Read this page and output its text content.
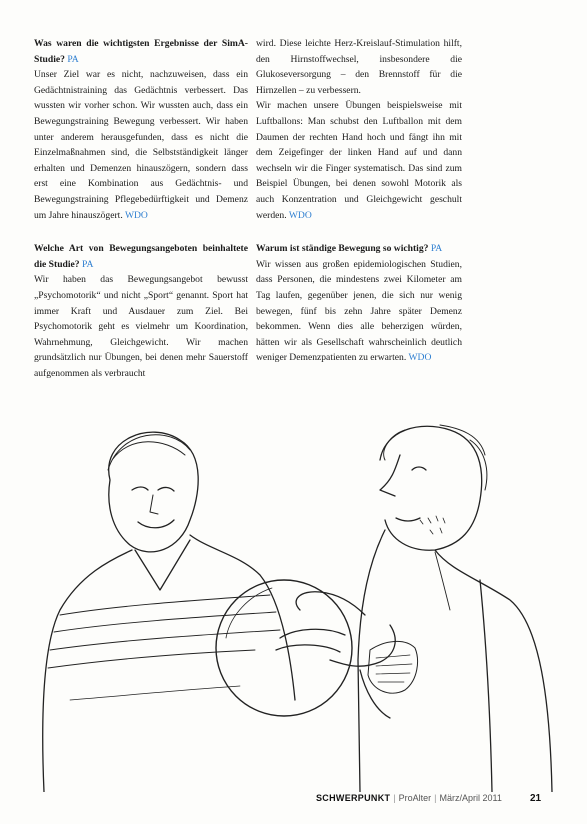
Was waren die wichtigsten Ergebnisse der SimA-Studie? PA
Unser Ziel war es nicht, nachzuweisen, dass ein Gedächtnistraining das Gedächtnis verbessert. Das wussten wir vorher schon. Wir wussten auch, dass ein Bewegungstraining Bewegung verbessert. Wir haben unter anderem herausgefunden, dass es nicht die Einzelmaßnahmen sind, die Selbstständigkeit länger erhalten und Demenzen hinauszögern, sondern dass erst eine Kombination aus Gedächtnis- und Bewegungstraining Pflegebedürftigkeit und Demenz um Jahre hinauszögert. WDO
Welche Art von Bewegungsangeboten beinhaltete die Studie? PA
Wir haben das Bewegungsangebot bewusst „Psychomotorik“ und nicht „Sport“ genannt. Sport hat immer Kraft und Ausdauer zum Ziel. Bei Psychomotorik geht es vielmehr um Koordination, Wahrnehmung, Gleichgewicht. Wir machen grundsätzlich nur Übungen, bei denen mehr Sauerstoff aufgenommen als verbraucht
wird. Diese leichte Herz-Kreislauf-Stimulation hilft, den Hirnstoffwechsel, insbesondere die Glukoseversorgung – den Brennstoff für die Hirnzellen – zu verbessern.
Wir machen unsere Übungen beispielsweise mit Luftballons: Man schubst den Luftballon mit dem Daumen der rechten Hand hoch und fängt ihn mit dem Zeigefinger der linken Hand auf und dann wechseln wir die Finger systematisch. Das sind zum Beispiel Übungen, bei denen sowohl Motorik als auch Konzentration und Gleichgewicht geschult werden. WDO
Warum ist ständige Bewegung so wichtig? PA
Wir wissen aus großen epidemiologischen Studien, dass Personen, die mindestens zwei Kilometer am Tag laufen, gegenüber jenen, die sich nur wenig bewegen, fünf bis zehn Jahre später Demenz bekommen. Wenn dies alle beherzigen würden, hätten wir als Gesellschaft wahrscheinlich deutlich weniger Demenzpatienten zu erwarten. WDO
SCHWERPUNKT | ProAlter | März/April 2011	21
